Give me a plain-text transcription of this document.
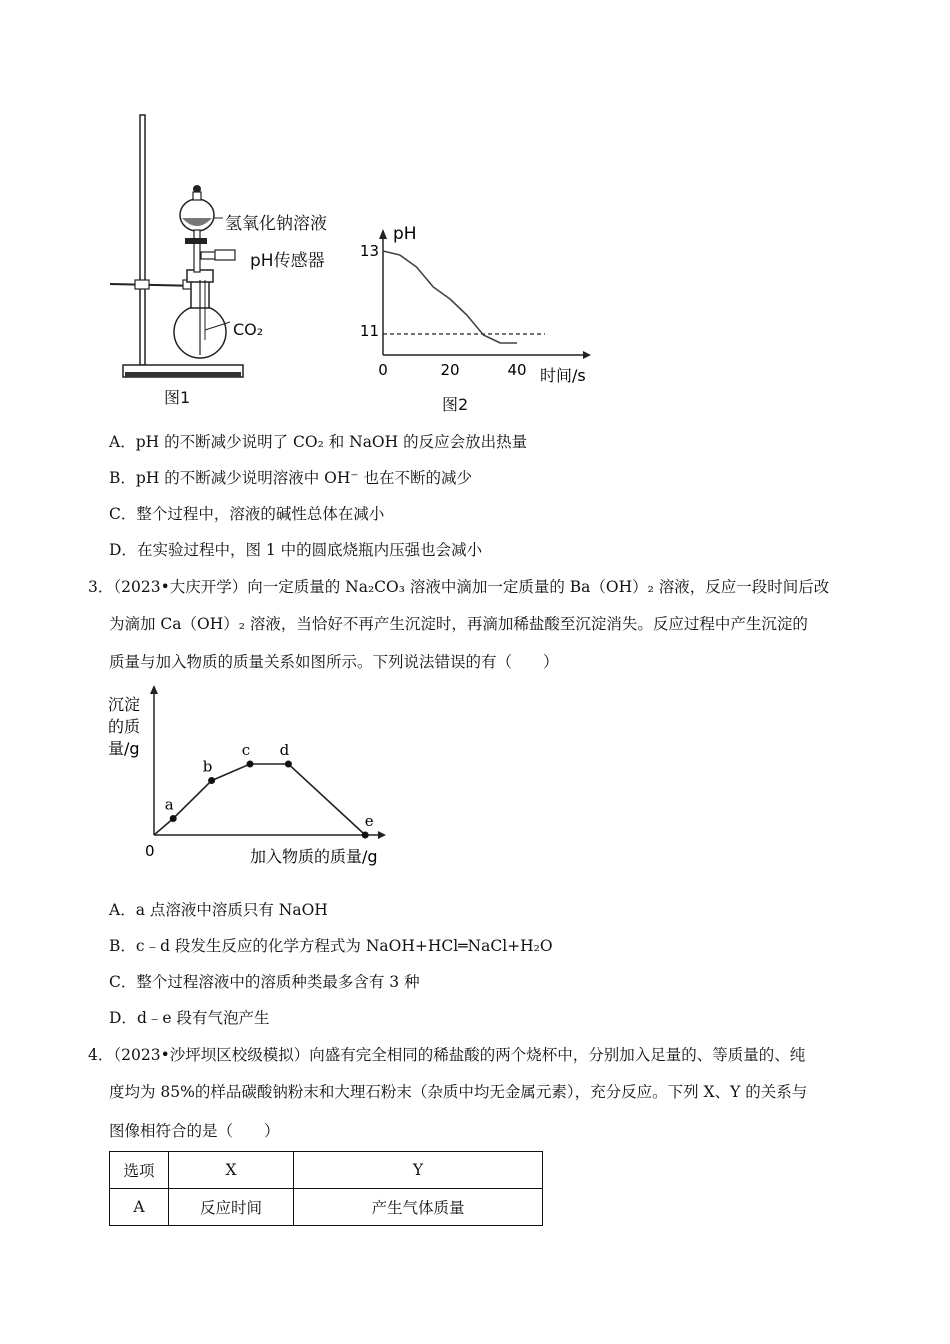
氢氧化钠溶液
pH传感器
CO₂
图1
pH
时间/s
0	20	40
11
13
图2
A．pH 的不断减少说明了 CO₂ 和 NaOH 的反应会放出热量
B．pH 的不断减少说明溶液中 OH⁻ 也在不断的减少
C．整个过程中，溶液的碱性总体在减小
D．在实验过程中，图 1 中的圆底烧瓶内压强也会减小
3．（2023•大庆开学）向一定质量的 Na₂CO₃ 溶液中滴加一定质量的 Ba（OH）₂ 溶液，反应一段时间后改
为滴加 Ca（OH）₂ 溶液，当恰好不再产生沉淀时，再滴加稀盐酸至沉淀消失。反应过程中产生沉淀的
质量与加入物质的质量关系如图所示。下列说法错误的有（　　）
沉淀
的质
量/g
加入物质的质量/g
0
a
b
c d
e
A．a 点溶液中溶质只有 NaOH
B．c﹣d 段发生反应的化学方程式为 NaOH+HCl═NaCl+H₂O
C．整个过程溶液中的溶质种类最多含有 3 种
D．d﹣e 段有气泡产生
4．（2023•沙坪坝区校级模拟）向盛有完全相同的稀盐酸的两个烧杯中，分别加入足量的、等质量的、纯
度均为 85%的样品碳酸钠粉末和大理石粉末（杂质中均无金属元素），充分反应。下列 X、Y 的关系与
图像相符合的是（　　）
选项	X	Y
A	反应时间	产生气体质量
